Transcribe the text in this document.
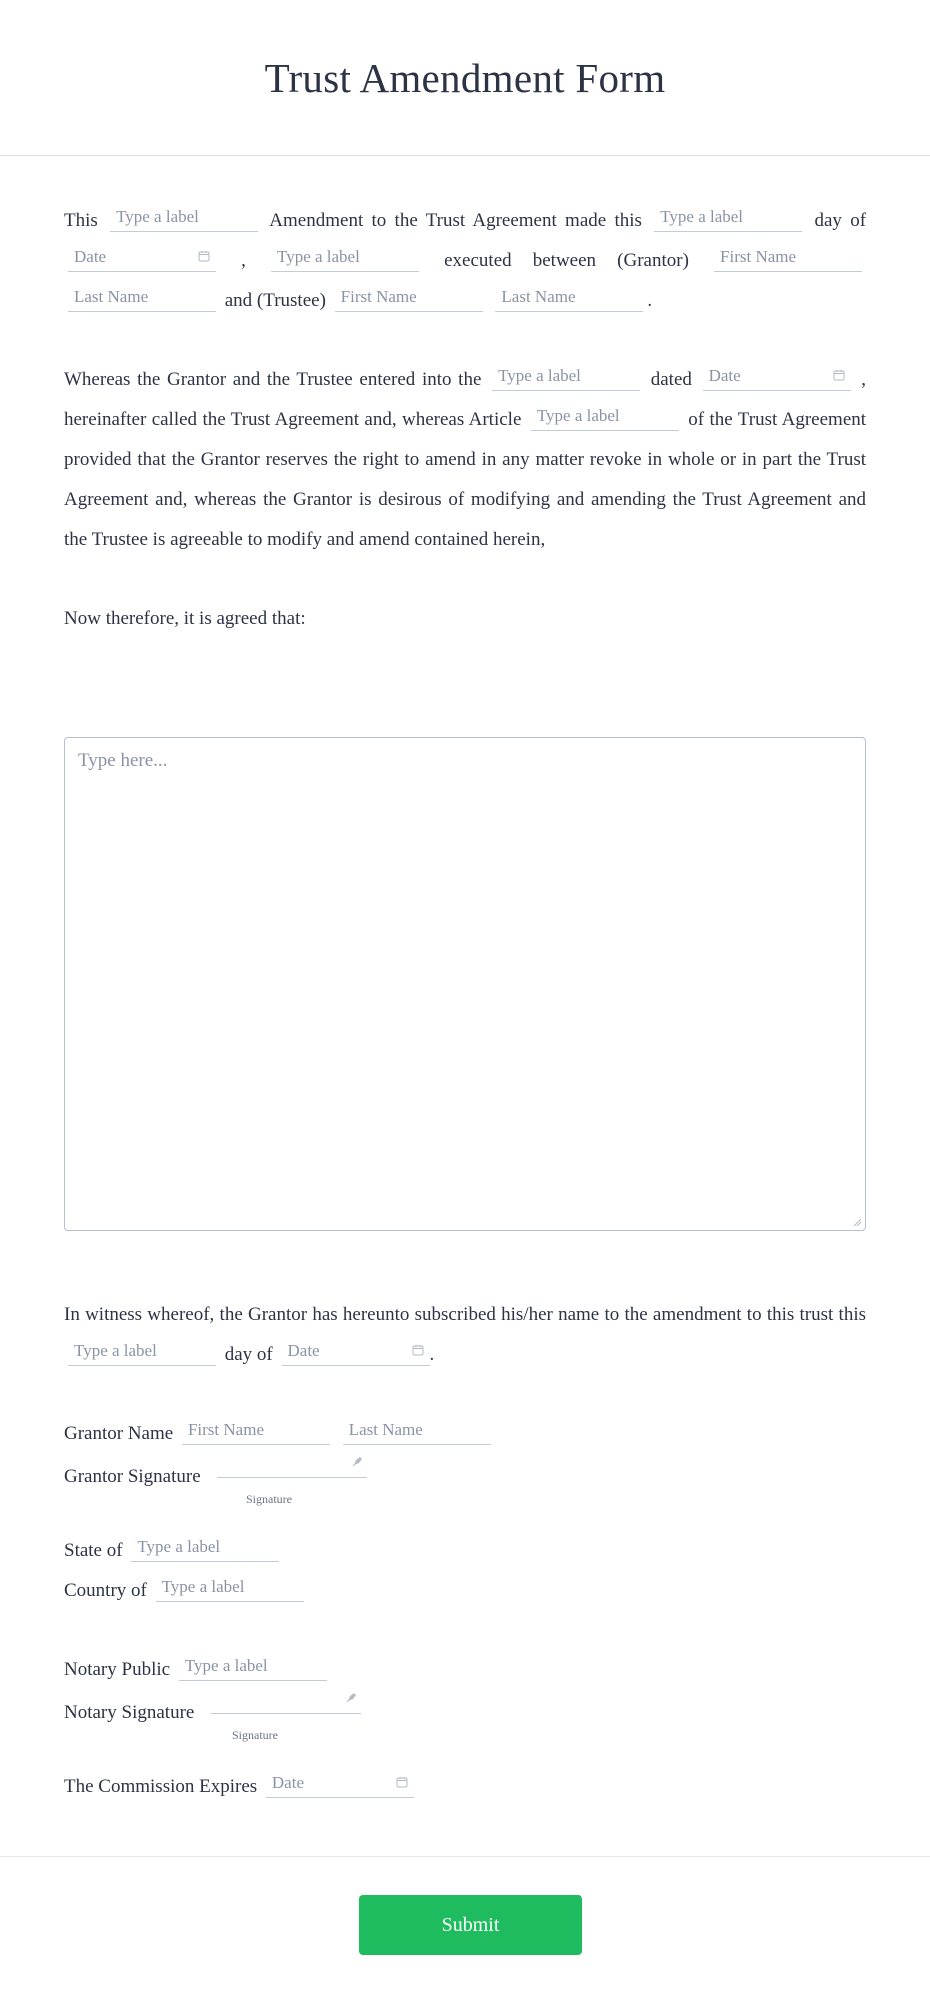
Trust Amendment Form

This Type a label	Amendment to the Trust Agreement made this Type a label	day of Date	, Type a label	executed between (Grantor) First Name Last Name	and (Trustee) First Name	Last Name	.

Whereas the Grantor and the Trustee entered into the Type a label	dated Date	, hereinafter called the Trust Agreement and, whereas Article Type a label	of the Trust Agreement provided that the Grantor reserves the right to amend in any matter revoke in whole or in part the Trust Agreement and, whereas the Grantor is desirous of modifying and amending the Trust Agreement and the Trustee is agreeable to modify and amend contained herein,

Now therefore, it is agreed that:

Type here...

In witness whereof, the Grantor has hereunto subscribed his/her name to the amendment to this trust this Type a label	day of Date	.

Grantor Name First Name	Last Name
Grantor Signature
Signature
State of Type a label
Country of Type a label
Notary Public Type a label
Notary Signature
Signature
The Commission Expires Date
Submit
